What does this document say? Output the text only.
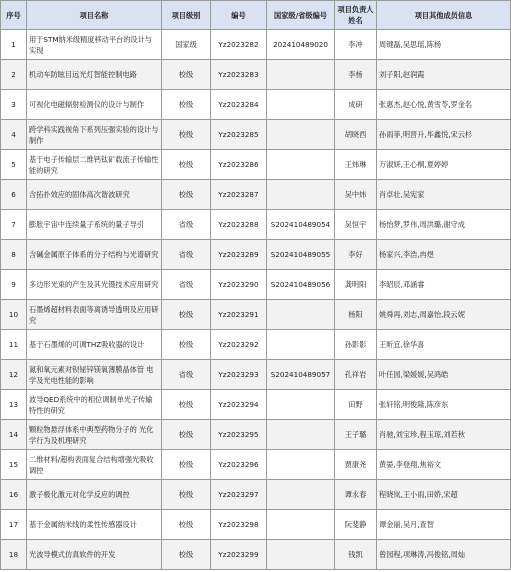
序号	项目名称	项目级别	编号	国家级/省级编号	项目负责人姓名	项目其他成员信息
1	用于STM纳米级精度移动平台的设计与实现	国家级	Yz2023282	202410489020	李冲	周键磊,吴思瑶,陈杨
2	机动车防眩目远光灯智能控制电路	校级	Yz2023283		李杨	刘子阳,赵润霞
3	可视化电磁辐射检测仪的设计与制作	校级	Yz2023284		成研	张惠杰,赵心悦,黄雪苓,罗金名
4	跨学科实践视角下系列压强实验的设计与制作	校级	Yz2023285		胡晓西	孙雨菲,明晋升,毕鑫悦,宋云杉
5	基于电子传输层二维钙钛矿载流子传输性能的研究	校级	Yz2023286		王炜琳	万淑妍,王心桐,夏婷婷
6	含拓扑效应的固体高次谐波研究	校级	Yz2023287		吴中炜	肖卓壮,吴宪家
7	膨胀宇宙中连续量子系统的量子导引	省级	Yz2023288	S202410489054	吴恒宇	杨怡梦,罗伟,周洪璐,谢守成
8	含碱金属原子体系的分子结构与光谱研究	省级	Yz2023289	S202410489055	李好	杨家兴,李浩,冉煜
9	多边形光束的产生及其光镊技术应用研究	省级	Yz2023290	S202410489056	龚明阳	李昭辰,邓涵睿
10	石墨烯超材料表面等离诱导透明及应用研究	校级	Yz2023291		杨阳	姚舜再,刘志,周嘉怡,段云妮
11	基于石墨烯的可调THZ吸收器的设计	校级	Yz2023292		孙影影	王昕宜,徐华喜
12	氮和氧元素对钡铋锌镁氧薄膜晶体管 电学及光电性能的影响	省级	Yz2023293	S202410489057	孔祥岩	叶任园,梁媛媛,吴鸿皓
13	波导QED系统中的相位调制单光子传输特性的研究	校级	Yz2023294		田野	张轩铭,明俊隆,陈彦东
14	颗粒物悬浮体系中典型药物分子的 光化学行为及机理研究	校级	Yz2023295		王子璐	肖驰,刘宝珍,程玉琼,刘若秋
15	二维材料/超构表面复合结构增强光吸收调控	校级	Yz2023296		贾康尧	黄晏,李登翔,焦裕文
16	激子极化激元对化学反应的调控	校级	Yz2023297		谭永春	程晓岚,王小雨,田娇,宋超
17	基于金属纳米线的柔性传感器设计	校级	Yz2023298		阮斐静	谭金丽,吴月,查智
18	光波导模式仿真软件的开发	校级	Yz2023299		钱凯	曾园程,项琳涛,冯俊铭,周灿
